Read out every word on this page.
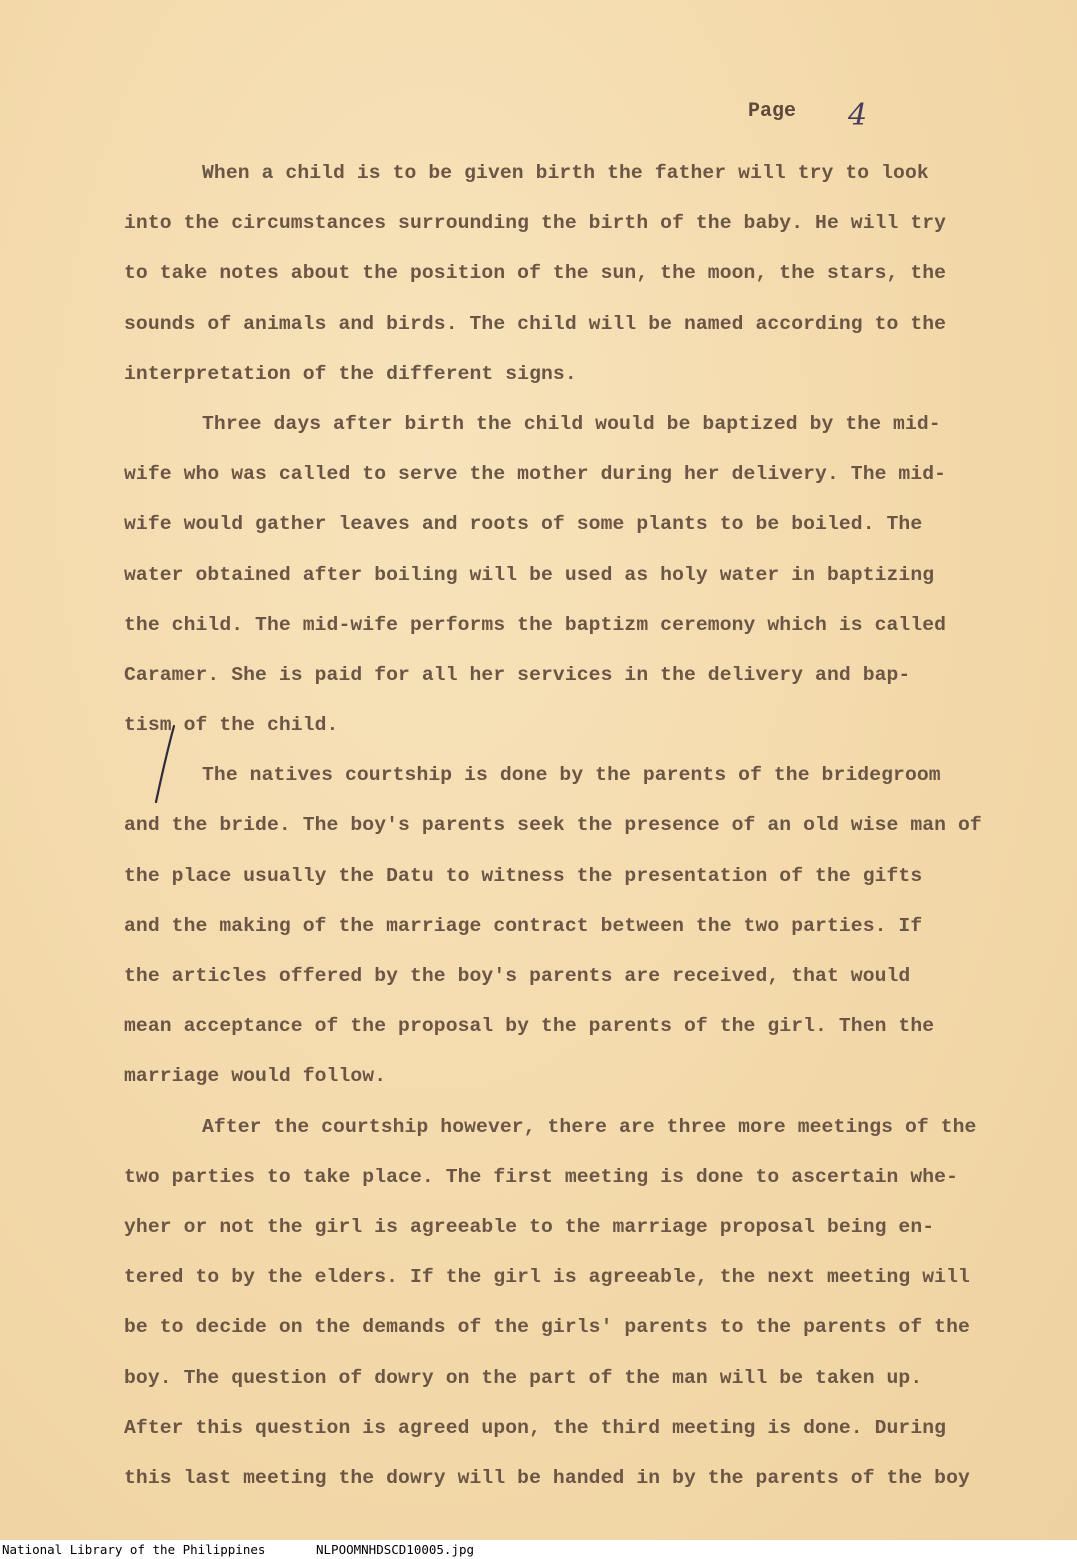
Page 4
When a child is to be given birth the father will try to look
into the circumstances surrounding the birth of the baby. He will try
to take notes about the position of the sun, the moon, the stars, the
sounds of animals and birds. The child will be named according to the
interpretation of the different signs.
Three days after birth the child would be baptized by the mid-
wife who was called to serve the mother during her delivery. The mid-
wife would gather leaves and roots of some plants to be boiled. The
water obtained after boiling will be used as holy water in baptizing
the child. The mid-wife performs the baptizm ceremony which is called
Caramer. She is paid for all her services in the delivery and bap-
tism of the child.
The natives courtship is done by the parents of the bridegroom
and the bride. The boy's parents seek the presence of an old wise man of
the place usually the Datu to witness the presentation of the gifts
and the making of the marriage contract between the two parties. If
the articles offered by the boy's parents are received, that would
mean acceptance of the proposal by the parents of the girl. Then the
marriage would follow.
After the courtship however, there are three more meetings of the
two parties to take place. The first meeting is done to ascertain whe-
yher or not the girl is agreeable to the marriage proposal being en-
tered to by the elders. If the girl is agreeable, the next meeting will
be to decide on the demands of the girls' parents to the parents of the
boy. The question of dowry on the part of the man will be taken up.
After this question is agreed upon, the third meeting is done. During
this last meeting the dowry will be handed in by the parents of the boy
National Library of the Philippines	NLPOOMNHDSCD10005.jpg
